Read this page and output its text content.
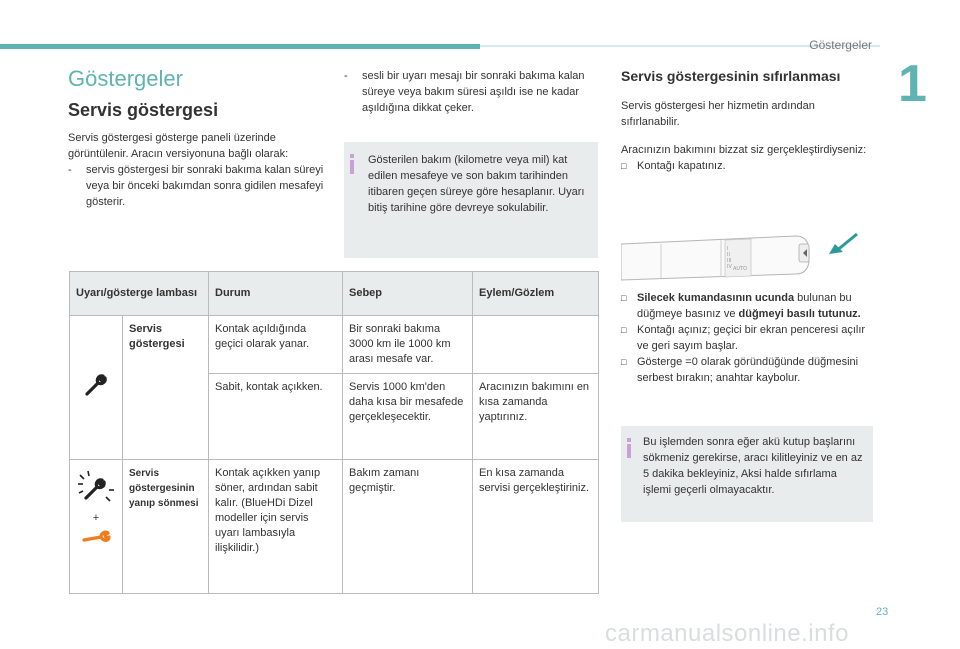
Göstergeler
1
Göstergeler
Servis göstergesi

Servis göstergesi gösterge paneli üzerinde görüntülenir. Aracın versiyonuna bağlı olarak:

- servis göstergesi bir sonraki bakıma kalan süreyi veya bir önceki bakımdan sonra gidilen mesafeyi gösterir.

- sesli bir uyarı mesajı bir sonraki bakıma kalan süreye veya bakım süresi aşıldı ise ne kadar aşıldığına dikkat çeker.

Gösterilen bakım (kilometre veya mil) kat edilen mesafeye ve son bakım tarihinden itibaren geçen süreye göre hesaplanır. Uyarı bitiş tarihine göre devreye sokulabilir.

Uyarı/gösterge lambası		Durum	Sebep	Eylem/Gözlem
	Servis göstergesi	Kontak açıldığında geçici olarak yanar.	Bir sonraki bakıma 3000 km ile 1000 km arası mesafe var.	
		Sabit, kontak açıkken.	Servis 1000 km'den daha kısa bir mesafede gerçekleşecektir.	Aracınızın bakımını en kısa zamanda yaptırınız.

+	Servis göstergesinin yanıp sönmesi	Kontak açıkken yanıp söner, ardından sabit kalır. (BlueHDi Dizel modeller için servis uyarı lambasıyla ilişkilidir.)	Bakım zamanı geçmiştir.	En kısa zamanda servisi gerçekleştiriniz.
Servis göstergesinin sıfırlanması

Servis göstergesi her hizmetin ardından sıfırlanabilir.

Aracınızın bakımını bizzat siz gerçekleştirdiyseniz:

□ Kontağı kapatınız.

I
II
III
IV AUTO

□ Silecek kumandasının ucunda bulunan bu düğmeye basınız ve düğmeyi basılı tutunuz.

□ Kontağı açınız; geçici bir ekran penceresi açılır ve geri sayım başlar.

□ Gösterge =0 olarak göründüğünde düğmesini serbest bırakın; anahtar kaybolur.

Bu işlemden sonra eğer akü kutup başlarını sökmeniz gerekirse, aracı kilitleyiniz ve en az 5 dakika bekleyiniz, Aksi halde sıfırlama işlemi geçerli olmayacaktır.

23
carmanualsonline.info
